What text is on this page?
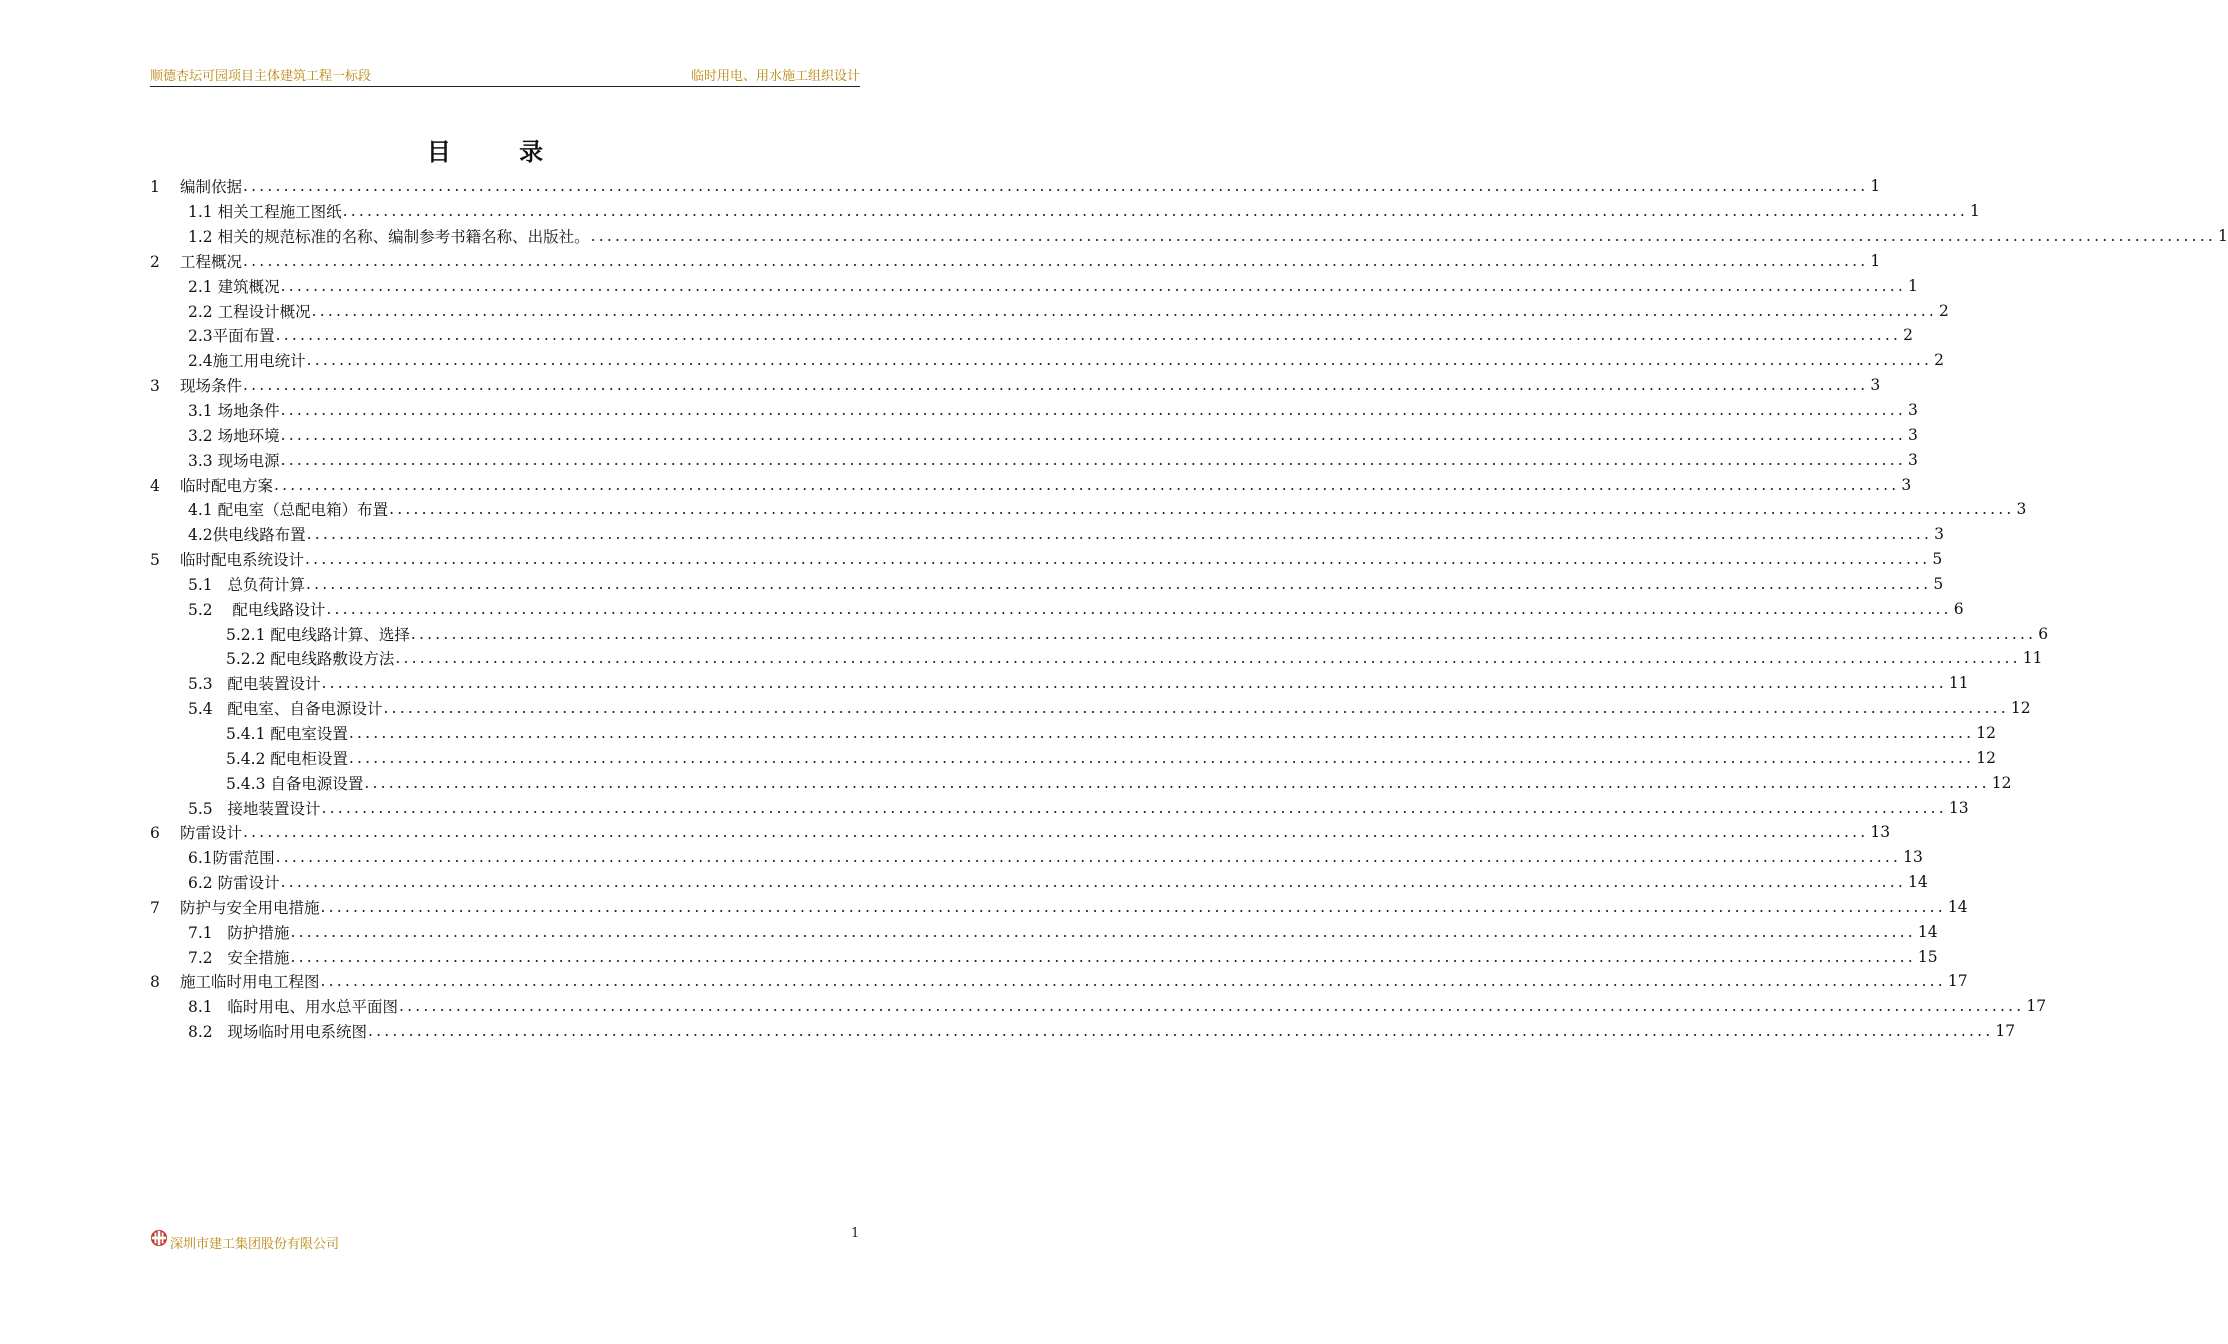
顺德杏坛可园项目主体建筑工程一标段	临时用电、用水施工组织设计
目 录
1 编制依据 ........................................................................................................................................................................................................ 1
1.1 相关工程施工图纸 ........................................................................................................................................................................................................ 1
1.2 相关的规范标准的名称、编制参考书籍名称、出版社。 ........................................................................................................................................................................................................ 1
2 工程概况 ........................................................................................................................................................................................................ 1
2.1 建筑概况 ........................................................................................................................................................................................................ 1
2.2 工程设计概况 ........................................................................................................................................................................................................ 2
2.3平面布置 ........................................................................................................................................................................................................ 2
2.4施工用电统计 ........................................................................................................................................................................................................ 2
3 现场条件 ........................................................................................................................................................................................................ 3
3.1 场地条件 ........................................................................................................................................................................................................ 3
3.2 场地环境 ........................................................................................................................................................................................................ 3
3.3 现场电源 ........................................................................................................................................................................................................ 3
4 临时配电方案 ........................................................................................................................................................................................................ 3
4.1 配电室（总配电箱）布置 ........................................................................................................................................................................................................ 3
4.2供电线路布置 ........................................................................................................................................................................................................ 3
5 临时配电系统设计 ........................................................................................................................................................................................................ 5
5.1   总负荷计算 ........................................................................................................................................................................................................ 5
5.2    配电线路设计 ........................................................................................................................................................................................................ 6
5.2.1 配电线路计算、选择 ........................................................................................................................................................................................................ 6
5.2.2 配电线路敷设方法 ........................................................................................................................................................................................................ 11
5.3   配电装置设计 ........................................................................................................................................................................................................ 11
5.4   配电室、自备电源设计 ........................................................................................................................................................................................................ 12
5.4.1 配电室设置 ........................................................................................................................................................................................................ 12
5.4.2 配电柜设置 ........................................................................................................................................................................................................ 12
5.4.3 自备电源设置 ........................................................................................................................................................................................................ 12
5.5   接地装置设计 ........................................................................................................................................................................................................ 13
6 防雷设计 ........................................................................................................................................................................................................ 13
6.1防雷范围 ........................................................................................................................................................................................................ 13
6.2 防雷设计 ........................................................................................................................................................................................................ 14
7 防护与安全用电措施 ........................................................................................................................................................................................................ 14
7.1   防护措施 ........................................................................................................................................................................................................ 14
7.2   安全措施 ........................................................................................................................................................................................................ 15
8 施工临时用电工程图 ........................................................................................................................................................................................................ 17
8.1   临时用电、用水总平面图 ........................................................................................................................................................................................................ 17
8.2   现场临时用电系统图 ........................................................................................................................................................................................................ 17
深圳市建工集团股份有限公司
1
